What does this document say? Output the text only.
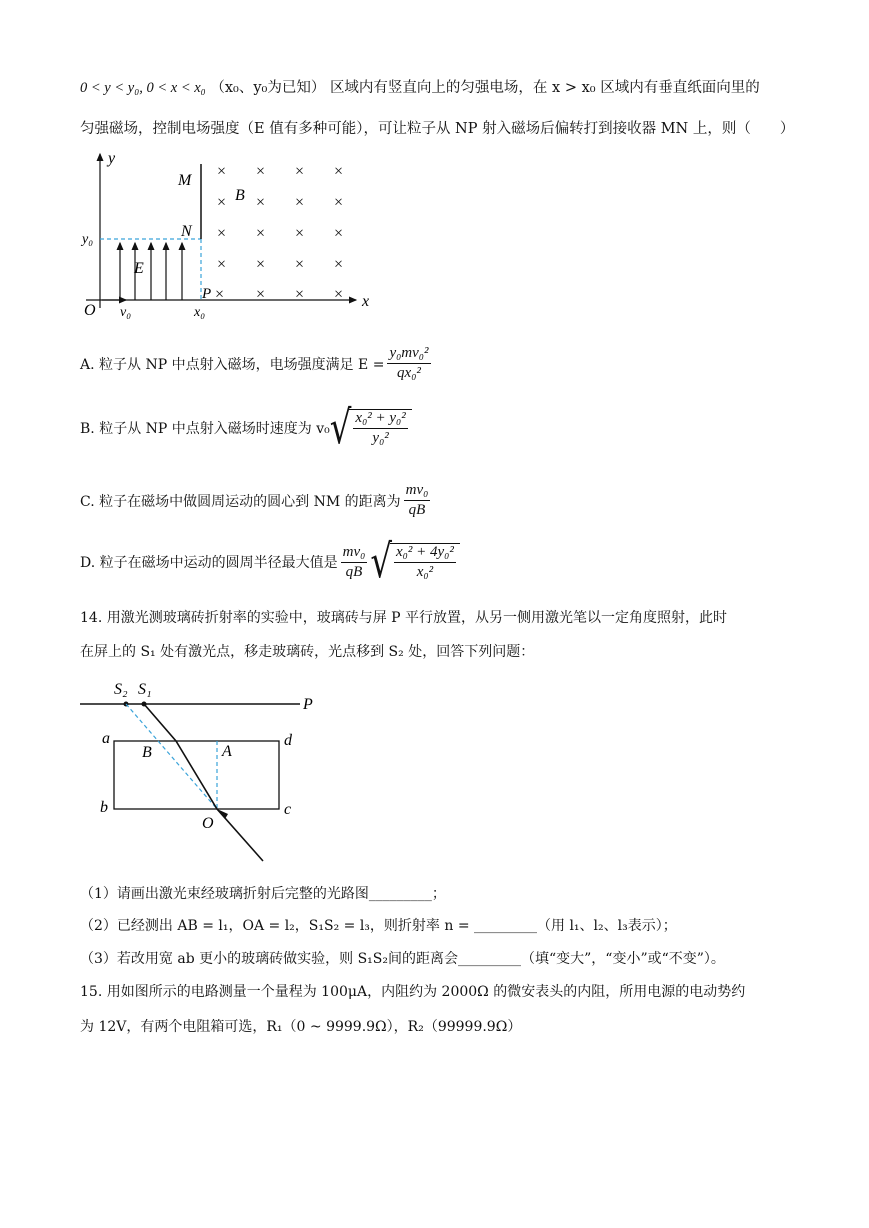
0 < y < y₀, 0 < x < x₀ （x₀、y₀为已知） 区域内有竖直向上的匀强电场，在 x > x₀ 区域内有垂直纸面向里的
匀强磁场，控制电场强度（E 值有多种可能），可让粒子从 NP 射入磁场后偏转打到接收器 MN 上，则（　　）
y
x
O v₀	x₀
y₀
E
M
N
P
B
× × × ×
× × × ×
× × × ×
× × × ×
× × × ×
A. 粒子从 NP 中点射入磁场，电场强度满足 $E = \frac{\text{y₀mv₀²}}{\text{qx₀²}}$
B. 粒子从 NP 中点射入磁场时速度为 v₀ √ $\frac{\text{x₀² + y₀²}}{\text{y₀²}}$
C. 粒子在磁场中做圆周运动的圆心到 NM 的距离为 $\frac{\text{mv₀}}{qB}$
D. 粒子在磁场中运动的圆周半径最大值是 $\frac{\text{mv₀}}{qB}$ √ $\frac{\text{x₀² + 4y₀²}}{\text{x₀²}}$
14. 用激光测玻璃砖折射率的实验中，玻璃砖与屏 P 平行放置，从另一侧用激光笔以一定角度照射，此时
在屏上的 S₁ 处有激光点，移走玻璃砖，光点移到 S₂ 处，回答下列问题：
P
S₂ S₁
a	d
b	c
B	A
O
（1）请画出激光束经玻璃折射后完整的光路图_________；
（2）已经测出 AB = l₁，OA = l₂，S₁S₂ = l₃，则折射率 n = _________（用 l₁、l₂、l₃表示）；
（3）若改用宽 ab 更小的玻璃砖做实验，则 S₁S₂间的距离会_________（填“变大”，“变小”或“不变”）。
15. 用如图所示的电路测量一个量程为 100μA，内阻约为 2000Ω 的微安表头的内阻，所用电源的电动势约
为 12V，有两个电阻箱可选，R₁（0 ~ 9999.9Ω），R₂（99999.9Ω）
